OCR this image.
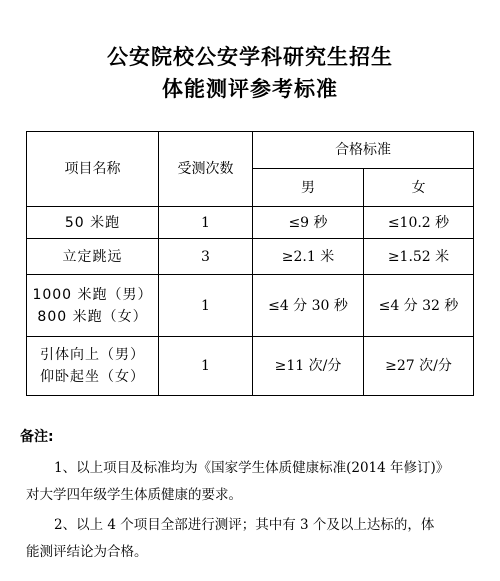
公安院校公安学科研究生招生
体能测评参考标准
项目名称	受测次数	合格标准	
		男	女
50 米跑	1	≤9 秒	≤10.2 秒
立定跳远	3	≥2.1 米	≥1.52 米

1000 米跑（男）
800 米跑（女）	1	≤4 分 30 秒	≤4 分 32 秒

引体向上（男）
仰卧起坐（女）	1	≥11 次/分	≥27 次/分
备注:
1、以上项目及标准均为《国家学生体质健康标准(2014 年修订)》
对大学四年级学生体质健康的要求。
2、以上 4 个项目全部进行测评；其中有 3 个及以上达标的，体
能测评结论为合格。
